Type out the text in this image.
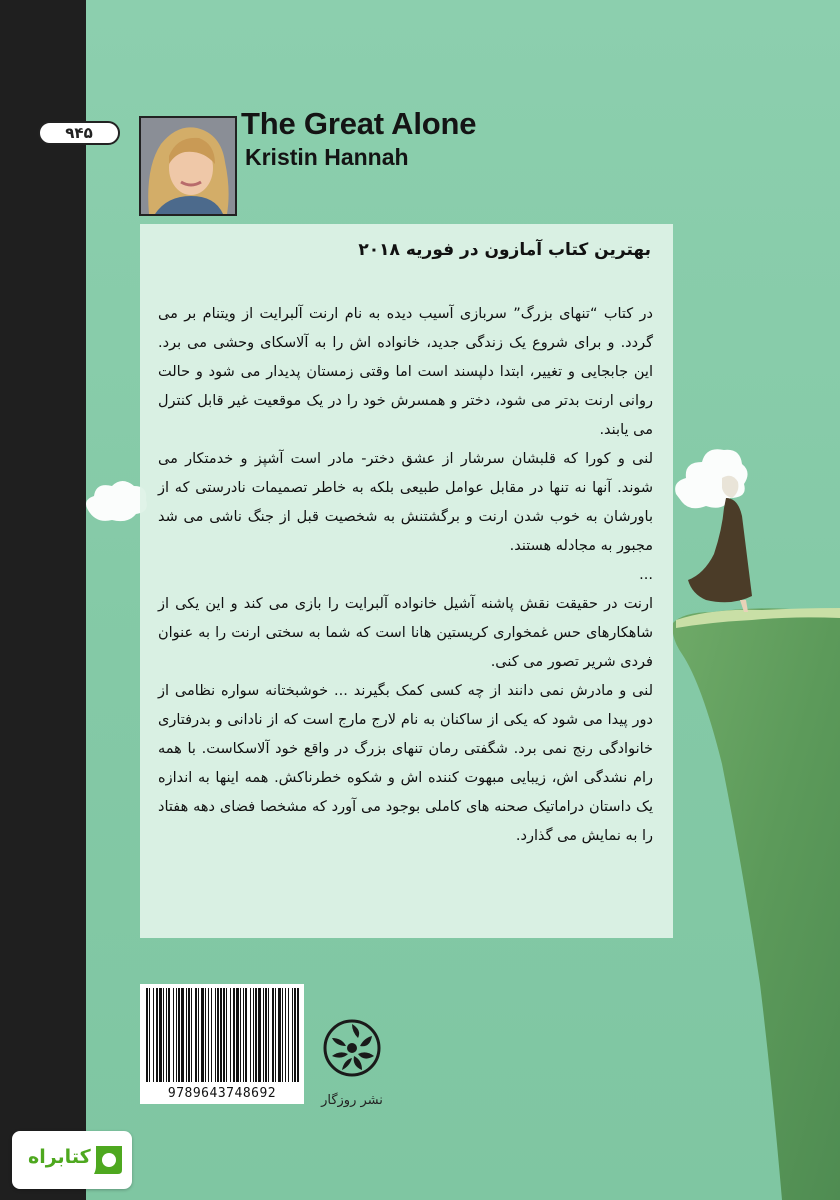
۹۴۵	The Great Alone
Kristin Hannah
بهترین کتاب آمازون در فوریه ۲۰۱۸

در کتاب “تنهای بزرگ” سربازی آسیب دیده به نام ارنت آلبرایت از ویتنام بر می گردد. و برای شروع یک زندگی جدید، خانواده اش را به آلاسکای وحشی می برد. این جابجایی و تغییر، ابتدا دلپسند است اما وقتی زمستان پدیدار می شود و حالت روانی ارنت بدتر می شود، دختر و همسرش خود را در یک موقعیت غیر قابل کنترل می یابند.

لنی و کورا که قلبشان سرشار از عشق دختر- مادر است آشپز و خدمتکار می شوند. آنها نه تنها در مقابل عوامل طبیعی بلکه به خاطر تصمیمات نادرستی که از باورشان به خوب شدن ارنت و برگشتنش به شخصیت قبل از جنگ ناشی می شد مجبور به مجادله هستند.

...

ارنت در حقیقت نقش پاشنه آشیل خانواده آلبرایت را بازی می کند و این یکی از شاهکارهای حس غمخواری کریستین هانا است که شما به سختی ارنت را به عنوان فردی شریر تصور می کنی.

لنی و مادرش نمی دانند از چه کسی کمک بگیرند ... خوشبختانه سواره نظامی از دور پیدا می شود که یکی از ساکنان به نام لارج مارج است که از نادانی و بدرفتاری خانوادگی رنج نمی برد. شگفتی رمان تنهای بزرگ در واقع خود آلاسکاست. با همه رام نشدگی اش، زیبایی مبهوت کننده اش و شکوه خطرناکش. همه اینها به اندازه یک داستان دراماتیک صحنه های کاملی بوجود می آورد که مشخصا فضای دهه هفتاد را به نمایش می گذارد.

9789643748692	نشر روزگار
کتابراه
